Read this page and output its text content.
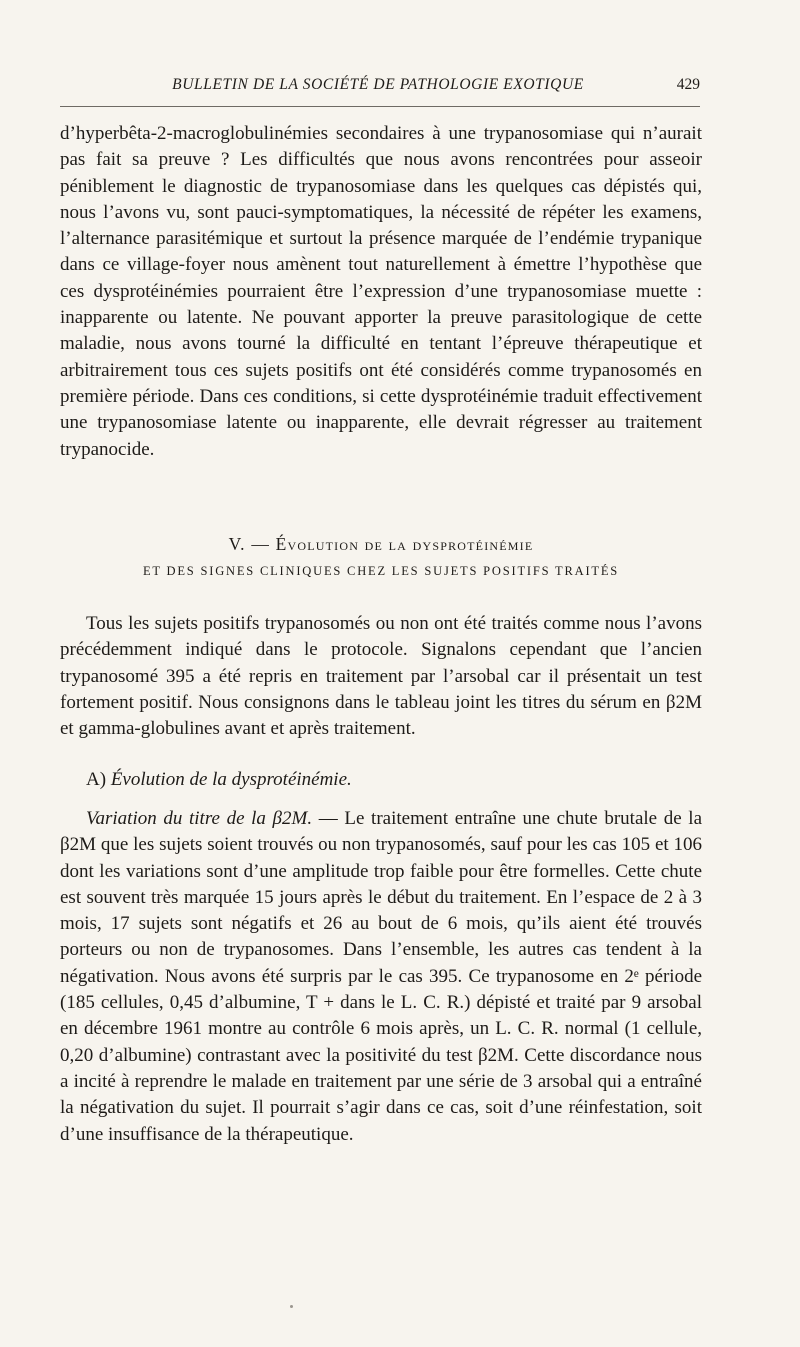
BULLETIN DE LA SOCIÉTÉ DE PATHOLOGIE EXOTIQUE	429

d’hyperbêta-2-macroglobulinémies secondaires à une trypanosomiase qui n’aurait pas fait sa preuve ? Les difficultés que nous avons rencontrées pour asseoir péniblement le diagnostic de trypanosomiase dans les quelques cas dépistés qui, nous l’avons vu, sont pauci-symptomatiques, la nécessité de répéter les examens, l’alternance parasitémique et surtout la présence marquée de l’endémie trypanique dans ce village-foyer nous amènent tout naturellement à émettre l’hypothèse que ces dysprotéinémies pourraient être l’expression d’une trypanosomiase muette : inapparente ou latente. Ne pouvant apporter la preuve parasitologique de cette maladie, nous avons tourné la difficulté en tentant l’épreuve thérapeutique et arbitrairement tous ces sujets positifs ont été considérés comme trypanosomés en première période. Dans ces conditions, si cette dysprotéinémie traduit effectivement une trypanosomiase latente ou inapparente, elle devrait régresser au traitement trypanocide.

V. — Évolution de la dysprotéinémie
ET DES SIGNES CLINIQUES CHEZ LES SUJETS POSITIFS TRAITÉS

Tous les sujets positifs trypanosomés ou non ont été traités comme nous l’avons précédemment indiqué dans le protocole. Signalons cependant que l’ancien trypanosomé 395 a été repris en traitement par l’arsobal car il présentait un test fortement positif. Nous consignons dans le tableau joint les titres du sérum en β2M et gamma-globulines avant et après traitement.

A) Évolution de la dysprotéinémie.

Variation du titre de la β2M. — Le traitement entraîne une chute brutale de la β2M que les sujets soient trouvés ou non trypanosomés, sauf pour les cas 105 et 106 dont les variations sont d’une amplitude trop faible pour être formelles. Cette chute est souvent très marquée 15 jours après le début du traitement. En l’espace de 2 à 3 mois, 17 sujets sont négatifs et 26 au bout de 6 mois, qu’ils aient été trouvés porteurs ou non de trypanosomes. Dans l’ensemble, les autres cas tendent à la négativation. Nous avons été surpris par le cas 395. Ce trypanosome en 2ᵉ période (185 cellules, 0,45 d’albumine, T + dans le L. C. R.) dépisté et traité par 9 arsobal en décembre 1961 montre au contrôle 6 mois après, un L. C. R. normal (1 cellule, 0,20 d’albumine) contrastant avec la positivité du test β2M. Cette discordance nous a incité à reprendre le malade en traitement par une série de 3 arsobal qui a entraîné la négativation du sujet. Il pourrait s’agir dans ce cas, soit d’une réinfestation, soit d’une insuffisance de la thérapeutique.
